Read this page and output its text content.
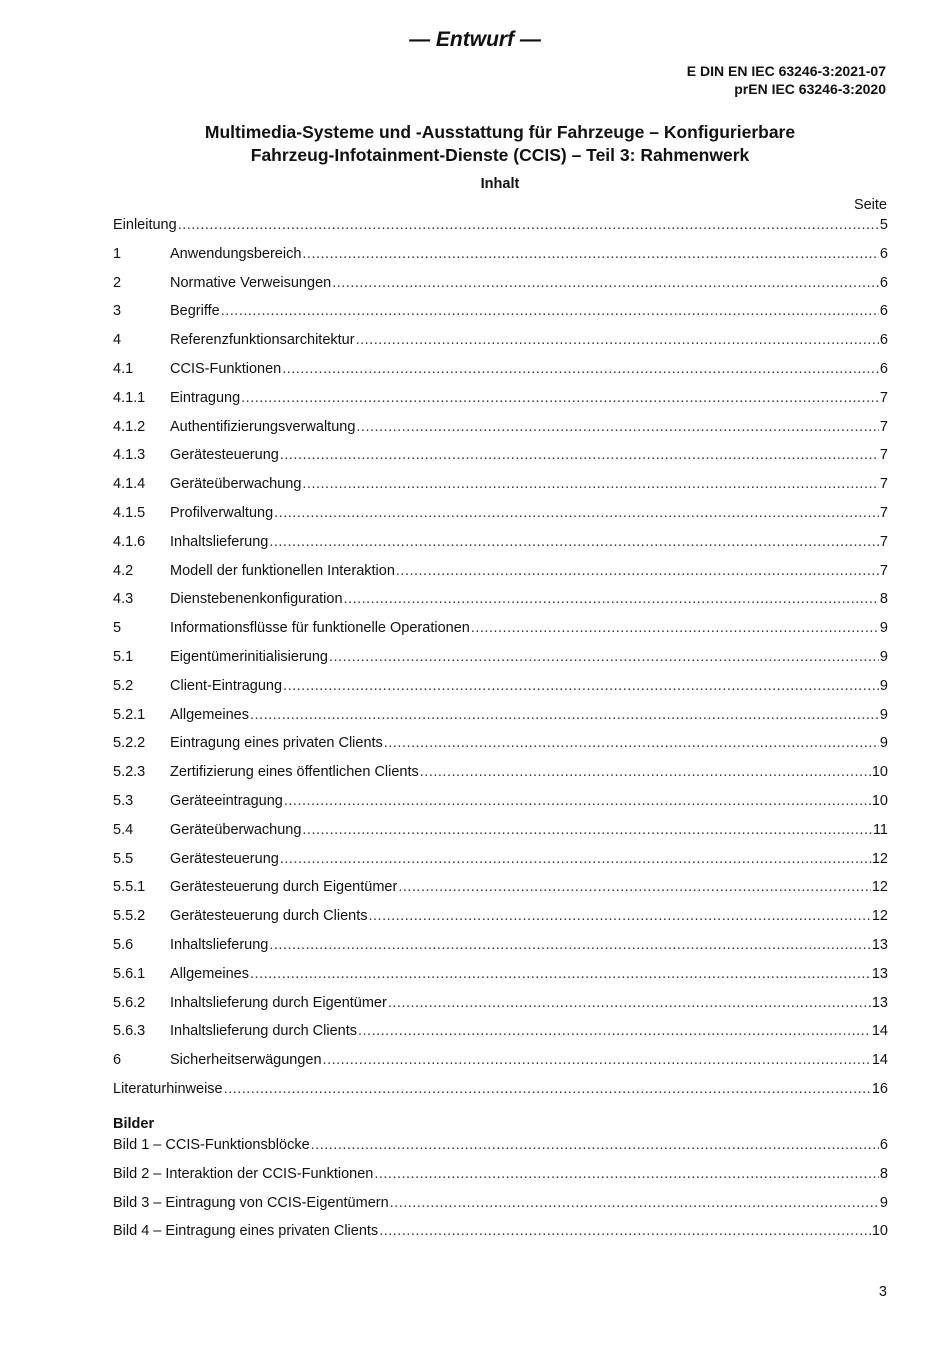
— Entwurf —
E DIN EN IEC 63246-3:2021-07
prEN IEC 63246-3:2020
Multimedia-Systeme und -Ausstattung für Fahrzeuge – Konfigurierbare
Fahrzeug-Infotainment-Dienste (CCIS) – Teil 3: Rahmenwerk
Inhalt
Seite
Einleitung .....	5
1	Anwendungsbereich .....	6
2	Normative Verweisungen .....	6
3	Begriffe .....	6
4	Referenzfunktionsarchitektur .....	6
4.1	CCIS-Funktionen .....	6
4.1.1	Eintragung .....	7
4.1.2	Authentifizierungsverwaltung .....	7
4.1.3	Gerätesteuerung .....	7
4.1.4	Geräteüberwachung .....	7
4.1.5	Profilverwaltung .....	7
4.1.6	Inhaltslieferung .....	7
4.2	Modell der funktionellen Interaktion .....	7
4.3	Dienstebenenkonfiguration .....	8
5	Informationsflüsse für funktionelle Operationen .....	9
5.1	Eigentümerinitialisierung .....	9
5.2	Client-Eintragung .....	9
5.2.1	Allgemeines .....	9
5.2.2	Eintragung eines privaten Clients .....	9
5.2.3	Zertifizierung eines öffentlichen Clients .....	10
5.3	Geräteeintragung .....	10
5.4	Geräteüberwachung .....	11
5.5	Gerätesteuerung .....	12
5.5.1	Gerätesteuerung durch Eigentümer .....	12
5.5.2	Gerätesteuerung durch Clients .....	12
5.6	Inhaltslieferung .....	13
5.6.1	Allgemeines .....	13
5.6.2	Inhaltslieferung durch Eigentümer .....	13
5.6.3	Inhaltslieferung durch Clients .....	14
6	Sicherheitserwägungen .....	14
Literaturhinweise .....	16
Bilder
Bild 1 – CCIS-Funktionsblöcke .....	6
Bild 2 – Interaktion der CCIS-Funktionen .....	8
Bild 3 – Eintragung von CCIS-Eigentümern .....	9
Bild 4 – Eintragung eines privaten Clients .....	10
3
